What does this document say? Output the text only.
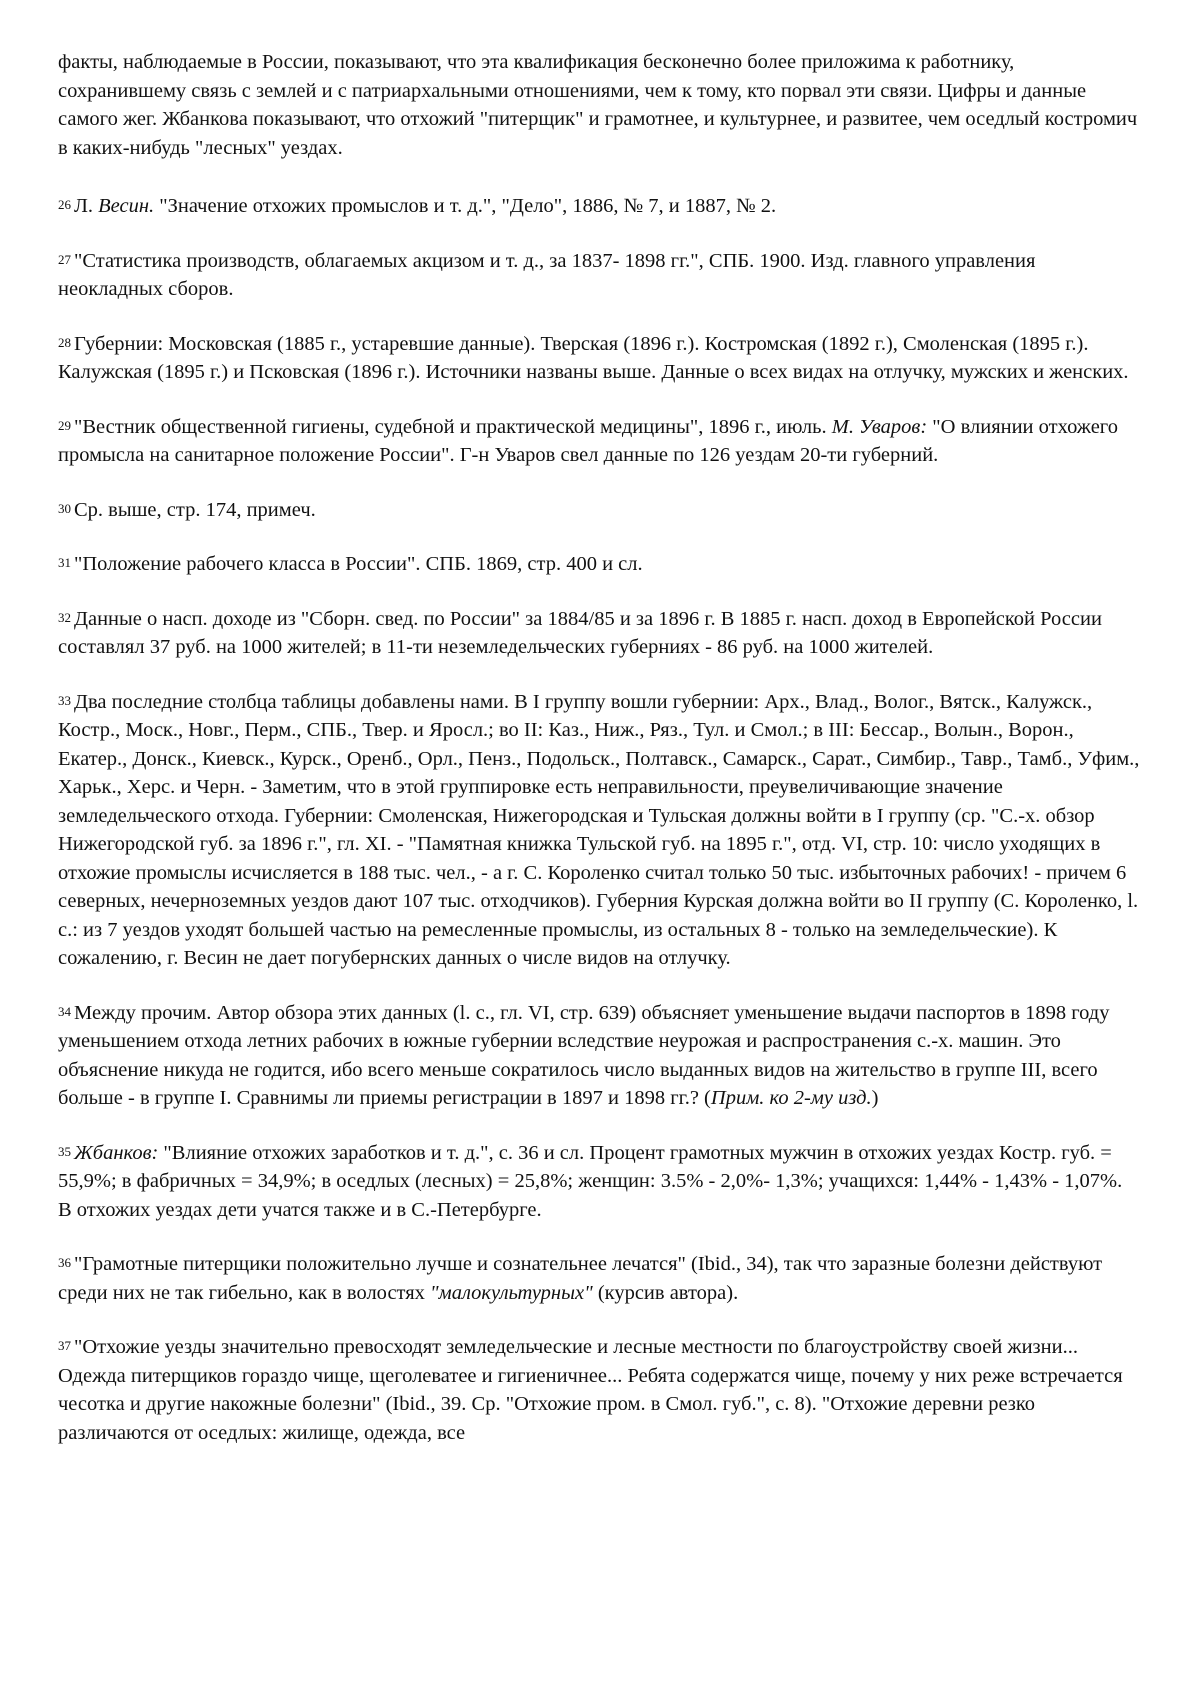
факты, наблюдаемые в России, показывают, что эта квалификация бесконечно более приложима к работнику, сохранившему связь с землей и с патриархальными отношениями, чем к тому, кто порвал эти связи. Цифры и данные самого жег. Жбанкова показывают, что отхожий "питерщик" и грамотнее, и культурнее, и развитее, чем оседлый костромич в каких-нибудь "лесных" уездах.

$^{26}$ Л. Весин. "Значение отхожих промыслов и т. д.", "Дело", 1886, № 7, и 1887, № 2.

$^{27}$ "Статистика производств, облагаемых акцизом и т. д., за 1837- 1898 гг.", СПБ. 1900. Изд. главного управления неокладных сборов.

$^{28}$ Губернии: Московская (1885 г., устаревшие данные). Тверская (1896 г.). Костромская (1892 г.), Смоленская (1895 г.). Калужская (1895 г.) и Псковская (1896 г.). Источники названы выше. Данные о всех видах на отлучку, мужских и женских.

$^{29}$ "Вестник общественной гигиены, судебной и практической медицины", 1896 г., июль. М. Уваров: "О влиянии отхожего промысла на санитарное положение России". Г-н Уваров свел данные по 126 уездам 20-ти губерний.

$^{30}$ Ср. выше, стр. 174, примеч.

$^{31}$ "Положение рабочего класса в России". СПБ. 1869, стр. 400 и сл.

$^{32}$ Данные о насп. доходе из "Сборн. свед. по России" за 1884/85 и за 1896 г. В 1885 г. насп. доход в Европейской России составлял 37 руб. на 1000 жителей; в 11-ти неземледельческих губерниях - 86 руб. на 1000 жителей.

$^{33}$ Два последние столбца таблицы добавлены нами. В I группу вошли губернии: Арх., Влад., Волог., Вятск., Калужск., Костр., Моск., Новг., Перм., СПБ., Твер. и Яросл.; во II: Каз., Ниж., Ряз., Тул. и Смол.; в III: Бессар., Волын., Ворон., Екатер., Донск., Киевск., Курск., Оренб., Орл., Пенз., Подольск., Полтавск., Самарск., Сарат., Симбир., Тавр., Тамб., Уфим., Харьк., Херс. и Черн. - Заметим, что в этой группировке есть неправильности, преувеличивающие значение земледельческого отхода. Губернии: Смоленская, Нижегородская и Тульская должны войти в I группу (ср. "С.-х. обзор Нижегородской губ. за 1896 г.", гл. XI. - "Памятная книжка Тульской губ. на 1895 г.", отд. VI, стр. 10: число уходящих в отхожие промыслы исчисляется в 188 тыс. чел., - а г. С. Короленко считал только 50 тыс. избыточных рабочих! - причем 6 северных, нечерноземных уездов дают 107 тыс. отходчиков). Губерния Курская должна войти во II группу (С. Короленко, l. с.: из 7 уездов уходят большей частью на ремесленные промыслы, из остальных 8 - только на земледельческие). К сожалению, г. Весин не дает погубернских данных о числе видов на отлучку.

$^{34}$ Между прочим. Автор обзора этих данных (l. с., гл. VI, стр. 639) объясняет уменьшение выдачи паспортов в 1898 году уменьшением отхода летних рабочих в южные губернии вследствие неурожая и распространения с.-х. машин. Это объяснение никуда не годится, ибо всего меньше сократилось число выданных видов на жительство в группе III, всего больше - в группе I. Сравнимы ли приемы регистрации в 1897 и 1898 гг.? (Прим. ко 2-му изд.)

$^{35}$ Жбанков: "Влияние отхожих заработков и т. д.", с. 36 и сл. Процент грамотных мужчин в отхожих уездах Костр. губ. = 55,9%; в фабричных = 34,9%; в оседлых (лесных) = 25,8%; женщин: 3.5% - 2,0%- 1,3%; учащихся: 1,44% - 1,43% - 1,07%. В отхожих уездах дети учатся также и в С.-Петербурге.

$^{36}$ "Грамотные питерщики положительно лучше и сознательнее лечатся" (Ibid., 34), так что заразные болезни действуют среди них не так гибельно, как в волостях "малокультурных" (курсив автора).

$^{37}$ "Отхожие уезды значительно превосходят земледельческие и лесные местности по благоустройству своей жизни... Одежда питерщиков гораздо чище, щеголеватее и гигиеничнее... Ребята содержатся чище, почему у них реже встречается чесотка и другие накожные болезни" (Ibid., 39. Ср. "Отхожие пром. в Смол. губ.", с. 8). "Отхожие деревни резко различаются от оседлых: жилище, одежда, все
